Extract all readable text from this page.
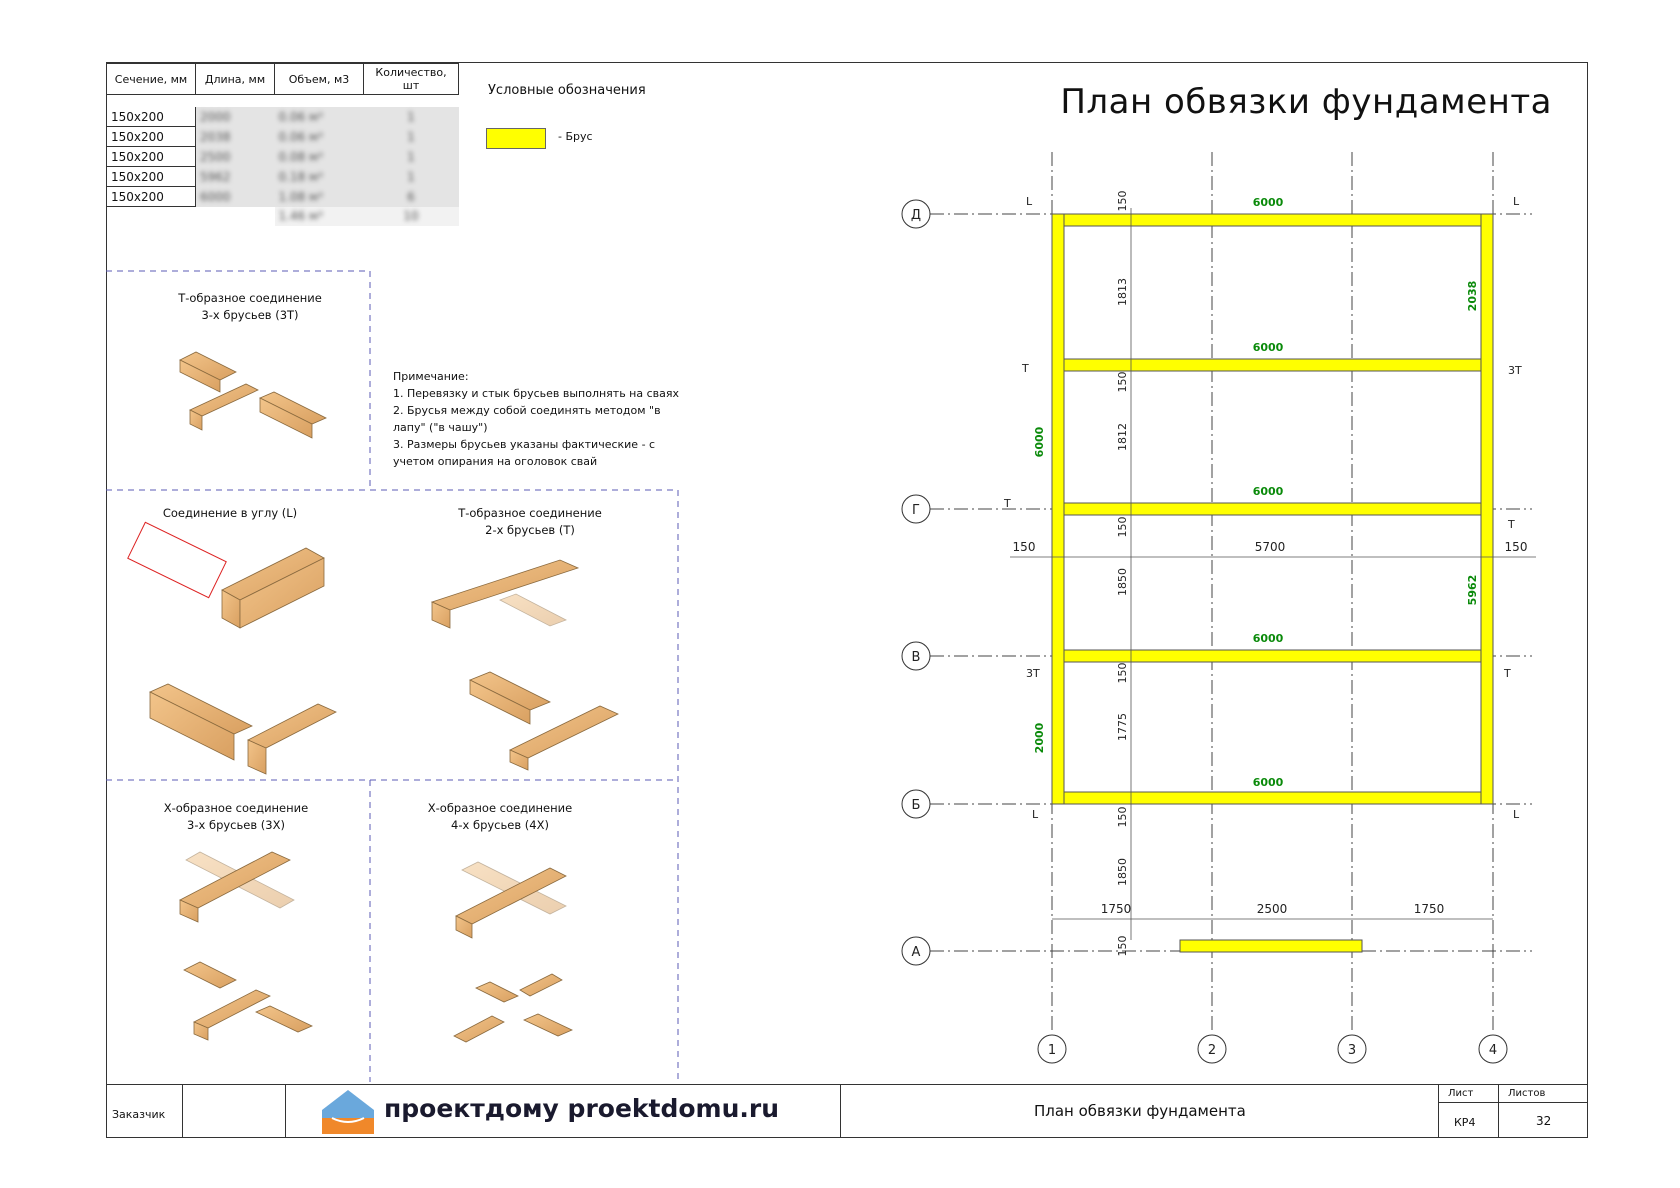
Сечение, мм	Длина, мм	Объем, м3	Количество, шт

150x200	2000	0.06 м³	1
150x200	2038	0.06 м³	1
150x200	2500	0.08 м³	1
150x200	5962	0.18 м³	1
150x200	6000	1.08 м³	6
		1.46 м³	10
План обвязки фундамента
Условные обозначения
- Брус
Примечание:
1. Перевязку и стык брусьев выполнять на сваях
2. Брусья между собой соединять методом "в
лапу" ("в чашу")
3. Размеры брусьев указаны фактические - с
учетом опирания на оголовок свай
Т-образное соединение
3-х брусьев (3Т)
Соединение в углу (L)	Т-образное соединение
2-х брусьев (Т)
Х-образное соединение
3-х брусьев (3Х)
Х-образное соединение
4-х брусьев (4Х)
1	2	3	4
Д
Г
В
Б
А
6000
6000
6000
6000
6000
6000
2000
2038
5962
150
1813
150
1812
150
1850
150
1775
150
1850
150
150	5700	150
1750	2500	1750
L	L
Т	3Т
Т
Т
3Т	Т
L	L
Заказчик	проектдому proektdomu.ru	План обвязки фундамента
Лист	Листов
КР4	32
